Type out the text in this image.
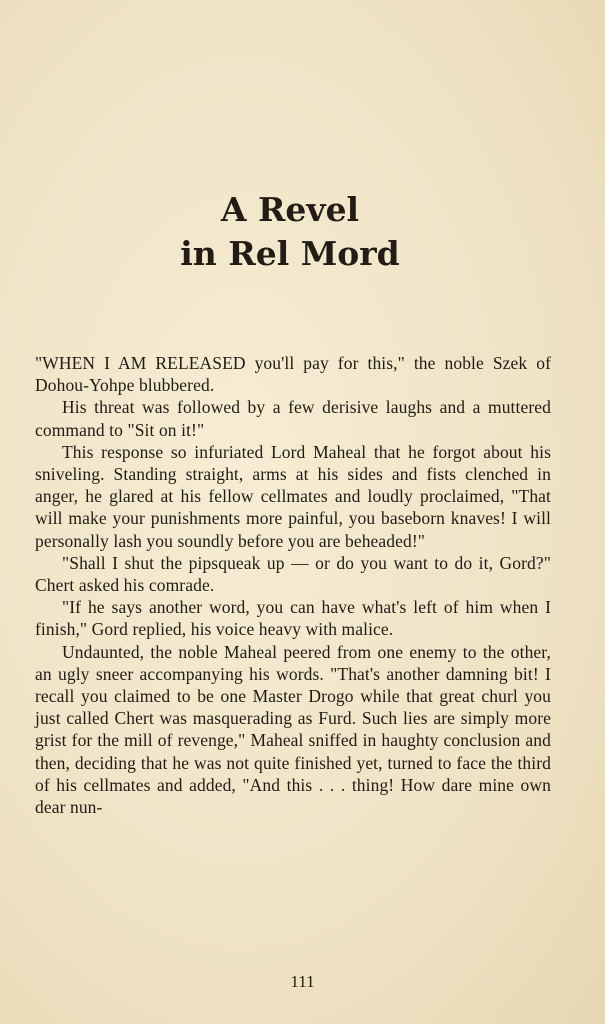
A Revel
in Rel Mord

"WHEN I AM RELEASED you'll pay for this," the noble Szek of Dohou-Yohpe blubbered.

His threat was followed by a few derisive laughs and a muttered command to "Sit on it!"

This response so infuriated Lord Maheal that he forgot about his sniveling. Standing straight, arms at his sides and fists clenched in anger, he glared at his fellow cellmates and loudly proclaimed, "That will make your punishments more painful, you baseborn knaves! I will personally lash you soundly before you are beheaded!"

"Shall I shut the pipsqueak up — or do you want to do it, Gord?" Chert asked his comrade.

"If he says another word, you can have what's left of him when I finish," Gord replied, his voice heavy with malice.

Undaunted, the noble Maheal peered from one enemy to the other, an ugly sneer accompanying his words. "That's another damning bit! I recall you claimed to be one Master Drogo while that great churl you just called Chert was masquerading as Furd. Such lies are simply more grist for the mill of revenge," Maheal sniffed in haughty conclusion and then, deciding that he was not quite finished yet, turned to face the third of his cellmates and added, "And this . . . thing! How dare mine own dear nun-

111
